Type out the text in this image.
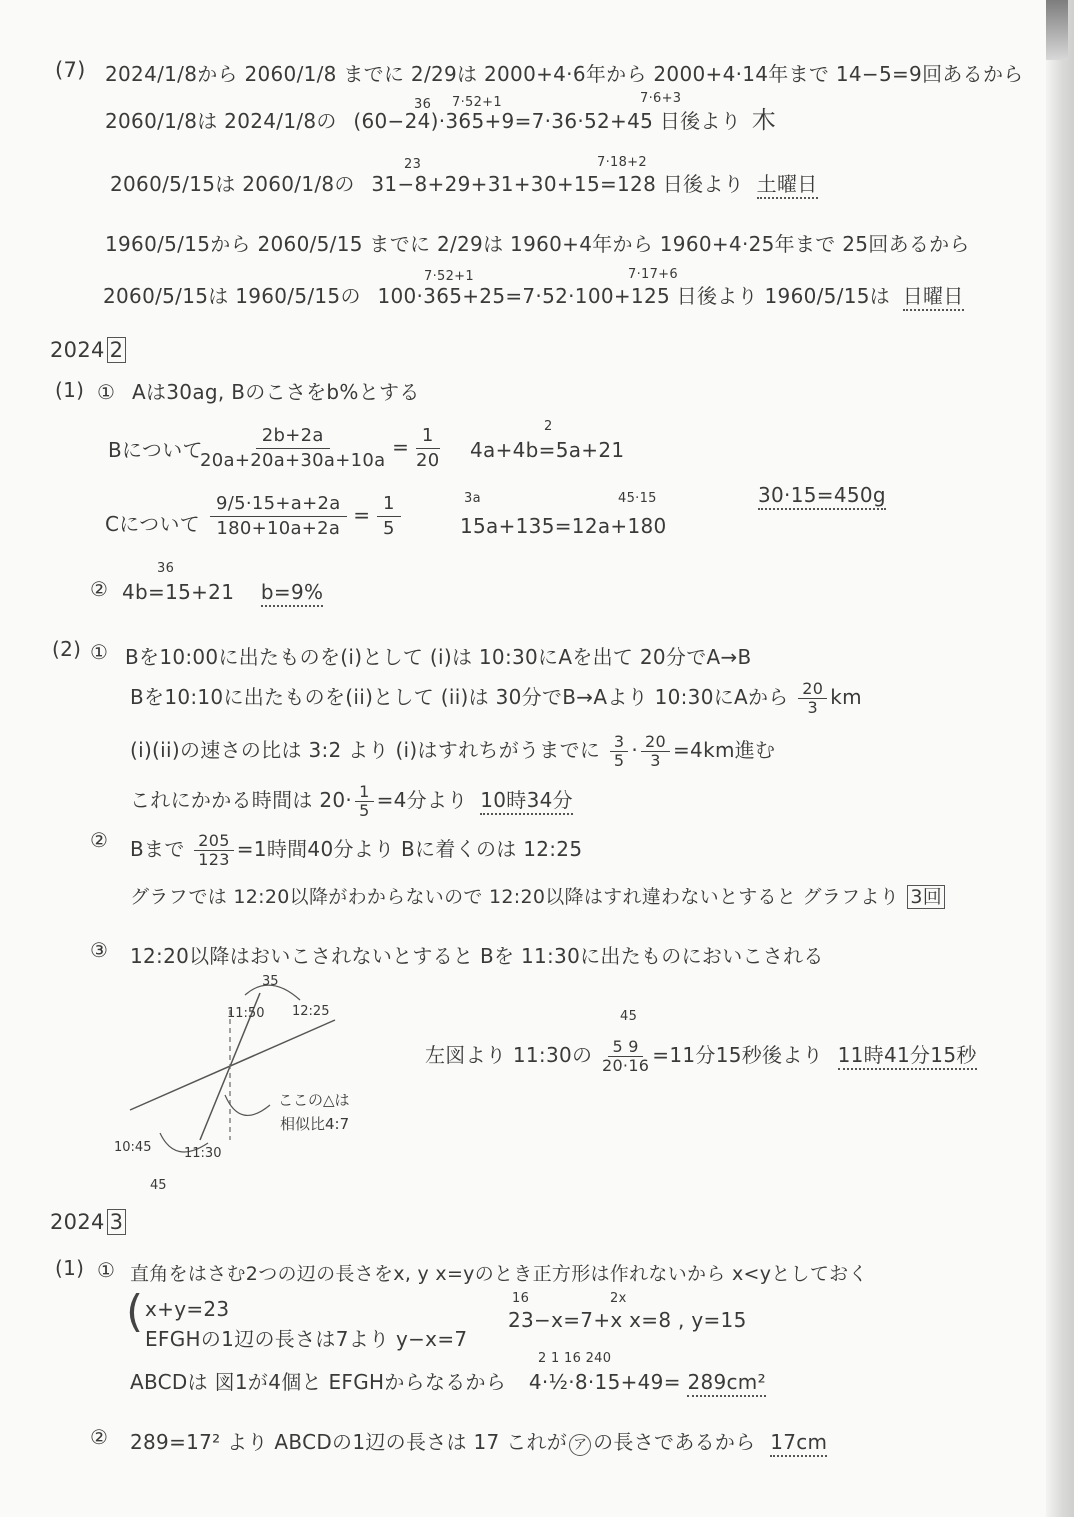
(7) 2024/1/8から 2060/1/8 までに 2/29は 2000+4·6年から 2000+4·14年まで 14−5=9回あるから
36 7·52+1	7·6+3
2060/1/8は 2024/1/8の (60−24)·365+9=7·36·52+45 日後より 木
23	7·18+2
2060/5/15は 2060/1/8の 31−8+29+31+30+15=128 日後より 土曜日
1960/5/15から 2060/5/15 までに 2/29は 1960+4年から 1960+4·25年まで 25回あるから
7·52+1	7·17+6
2060/5/15は 1960/5/15の 100·365+25=7·52·100+125 日後より 1960/5/15は 日曜日
2024 2
(1) ① Aは30ag, Bのこさをb%とする
Bについて
$\frac{2b+2a}{20a+20a+30a+10a} = \frac{1}{20}$	2
4a+4b=5a+21
Cについて $\frac{9/5\cdot 15+a+2a}{180+10a+2a} = \frac{1}{5}$	3a	45·15
15a+135=12a+180
30·15=450g
②
36
4b=15+21 b=9%
(2) ① Bを10:00に出たものを(i)として (i)は 10:30にAを出て 20分でA→B
Bを10:10に出たものを(ii)として (ii)は 30分でB→Aより 10:30にAから $\frac{20}{3}$ km
(i)(ii)の速さの比は 3:2 より (i)はすれちがうまでに $\frac{3}{5} \cdot \frac{20}{3} =4km$進む
これにかかる時間は $20\cdot \frac{1}{5} =4$分より 10時34分
② Bまで $\frac{205}{123} =1$時間40分より Bに着くのは 12:25
グラフでは 12:20以降がわからないので 12:20以降はすれ違わないとすると グラフより 3回
③ 12:20以降はおいこされないとすると Bを 11:30に出たものにおいこされる
35
11:50 12:25
10:45	11:30
45
ここの△は
相似比4:7
45
左図より 11:30の $\frac{5 9}{20\cdot 16} =11$分15秒後より 11時41分15秒
2024 3
(1) ① 直角をはさむ2つの辺の長さをx, y x=yのとき正方形は作れないから x<yとしておく
( x+y=23
EFGHの1辺の長さは7より y−x=7
16	2x
23−x=7+x x=8 , y=15
2 1 16 240
ABCDは 図1が4個と EFGHからなるから 4·½·8·15+49= 289cm²
② 289=17² より ABCDの1辺の長さは 17 これが ア の長さであるから 17cm
